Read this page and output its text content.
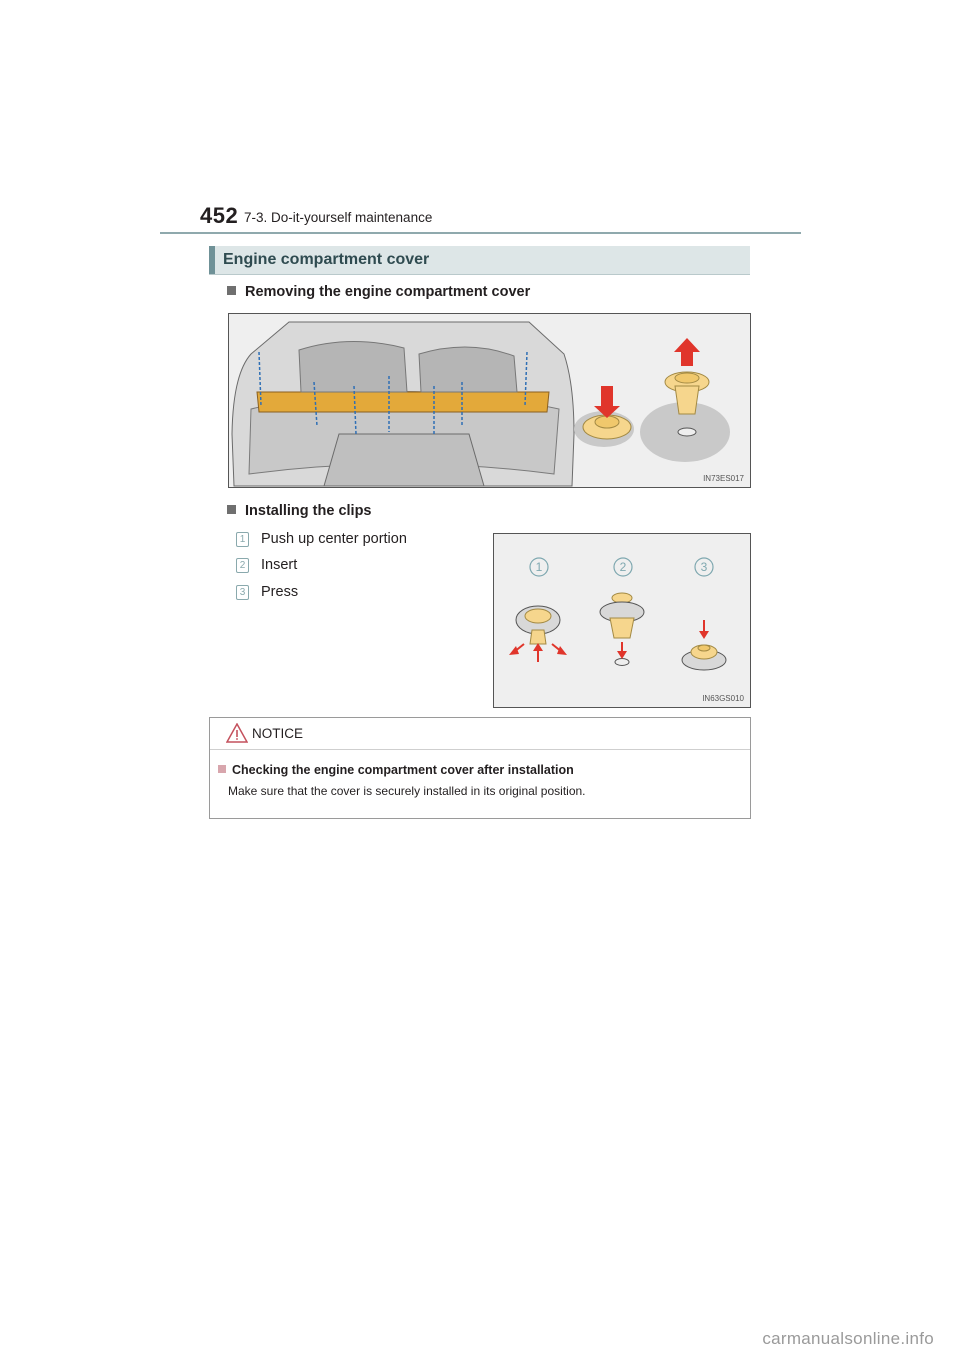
452 7-3. Do-it-yourself maintenance
Engine compartment cover
Removing the engine compartment cover
IN73ES017
Installing the clips
1 Push up center portion
2 Insert
3 Press
1	2	3
IN63GS010
NOTICE
Checking the engine compartment cover after installation
Make sure that the cover is securely installed in its original position.
carmanualsonline.info
